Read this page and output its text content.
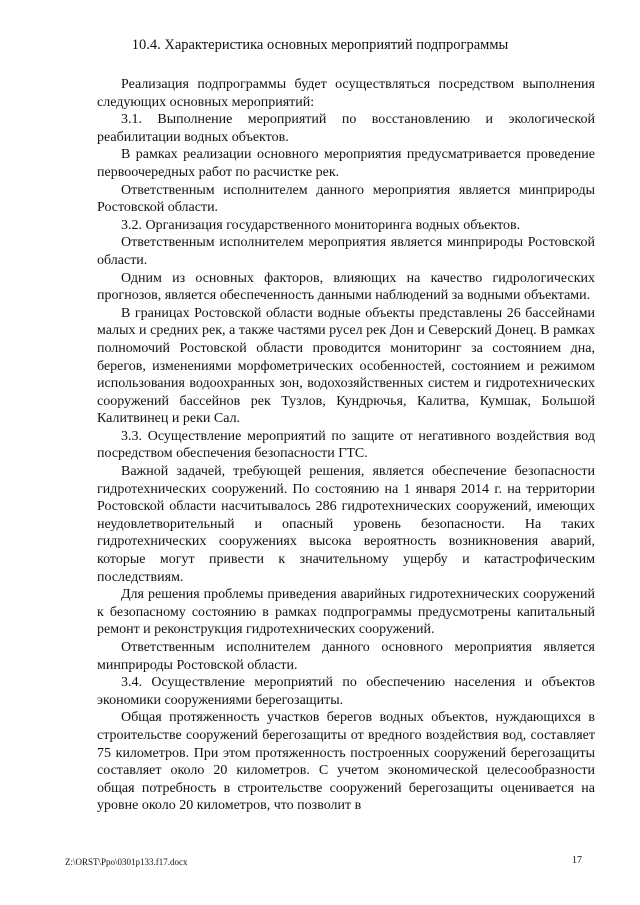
10.4. Характеристика основных мероприятий подпрограммы

Реализация подпрограммы будет осуществляться посредством выполнения следующих основных мероприятий:

3.1. Выполнение мероприятий по восстановлению и экологической реабилитации водных объектов.

В рамках реализации основного мероприятия предусматривается проведение первоочередных работ по расчистке рек.

Ответственным исполнителем данного мероприятия является минприроды Ростовской области.

3.2. Организация государственного мониторинга водных объектов.

Ответственным исполнителем мероприятия является минприроды Ростовской области.

Одним из основных факторов, влияющих на качество гидрологических прогнозов, является обеспеченность данными наблюдений за водными объектами.

В границах Ростовской области водные объекты представлены 26 бассейнами малых и средних рек, а также частями русел рек Дон и Северский Донец. В рамках полномочий Ростовской области проводится мониторинг за состоянием дна, берегов, изменениями морфометрических особенностей, состоянием и режимом использования водоохранных зон, водохозяйственных систем и гидротехнических сооружений бассейнов рек Тузлов, Кундрючья, Калитва, Кумшак, Большой Калитвинец и реки Сал.

3.3. Осуществление мероприятий по защите от негативного воздействия вод посредством обеспечения безопасности ГТС.

Важной задачей, требующей решения, является обеспечение безопасности гидротехнических сооружений. По состоянию на 1 января 2014 г. на территории Ростовской области насчитывалось 286 гидротехнических сооружений, имеющих неудовлетворительный и опасный уровень безопасности. На таких гидротехнических сооружениях высока вероятность возникновения аварий, которые могут привести к значительному ущербу и катастрофическим последствиям.

Для решения проблемы приведения аварийных гидротехнических сооружений к безопасному состоянию в рамках подпрограммы предусмотрены капитальный ремонт и реконструкция гидротехнических сооружений.

Ответственным исполнителем данного основного мероприятия является минприроды Ростовской области.

3.4. Осуществление мероприятий по обеспечению населения и объектов экономики сооружениями берегозащиты.

Общая протяженность участков берегов водных объектов, нуждающихся в строительстве сооружений берегозащиты от вредного воздействия вод, составляет 75 километров. При этом протяженность построенных сооружений берегозащиты составляет около 20 километров. С учетом экономической целесообразности общая потребность в строительстве сооружений берегозащиты оценивается на уровне около 20 километров, что позволит в

Z:\ORST\Ppo\0301p133.f17.docx	17
